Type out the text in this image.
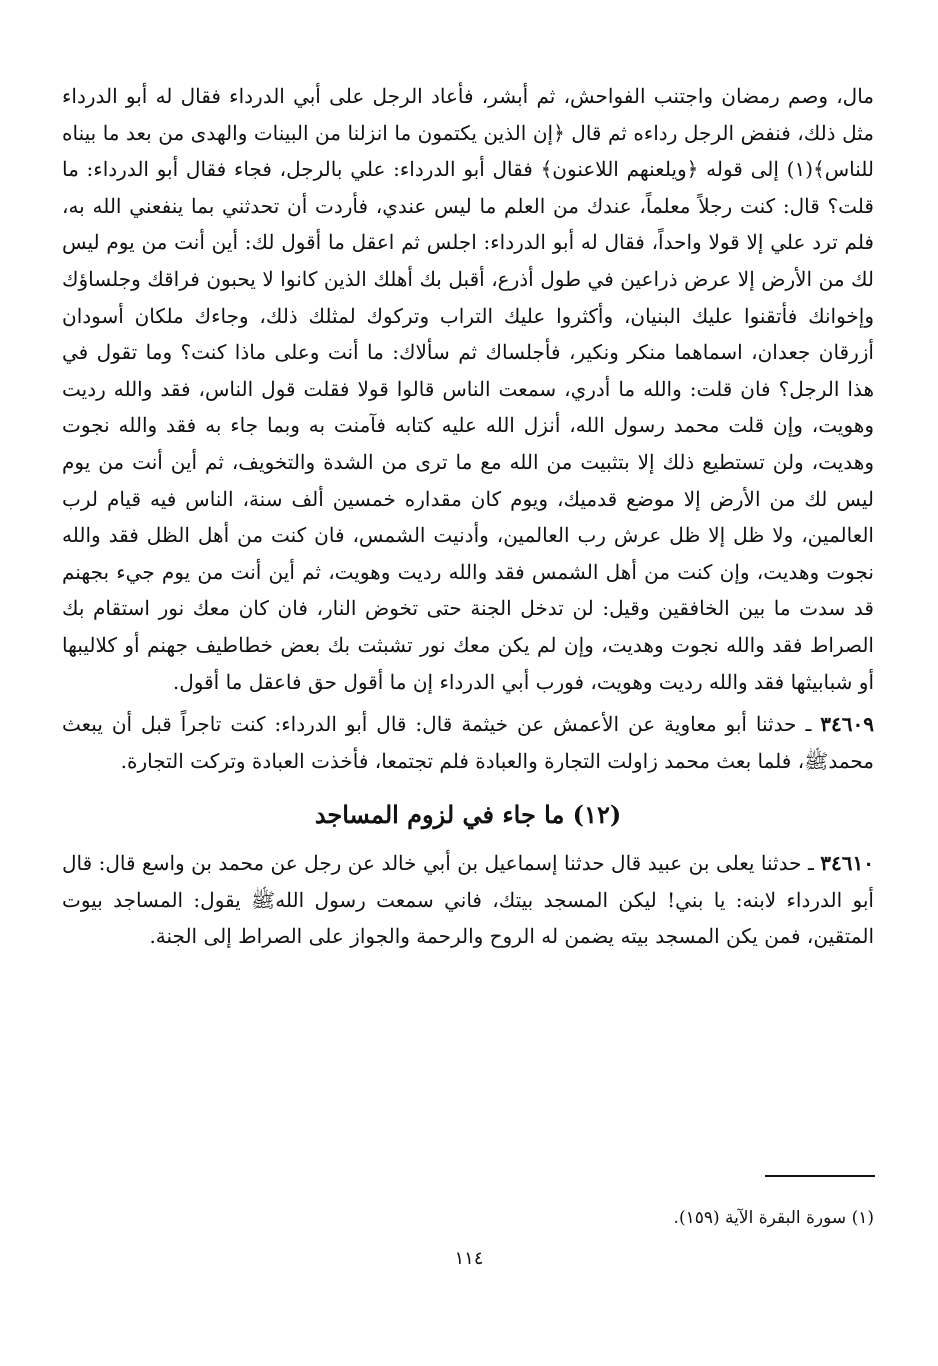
مال، وصم رمضان واجتنب الفواحش، ثم أبشر، فأعاد الرجل على أبي الدرداء فقال له أبو الدرداء مثل ذلك، فنفض الرجل رداءه ثم قال ﴿إن الذين يكتمون ما انزلنا من البينات والهدى من بعد ما بيناه للناس﴾(١) إلى قوله ﴿ويلعنهم اللاعنون﴾ فقال أبو الدرداء: علي بالرجل، فجاء فقال أبو الدرداء: ما قلت؟ قال: كنت رجلاً معلماً، عندك من العلم ما ليس عندي، فأردت أن تحدثني بما ينفعني الله به، فلم ترد علي إلا قولا واحداً، فقال له أبو الدرداء: اجلس ثم اعقل ما أقول لك: أين أنت من يوم ليس لك من الأرض إلا عرض ذراعين في طول أذرع، أقبل بك أهلك الذين كانوا لا يحبون فراقك وجلساؤك وإخوانك فأتقنوا عليك البنيان، وأكثروا عليك التراب وتركوك لمثلك ذلك، وجاءك ملكان أسودان أزرقان جعدان، اسماهما منكر ونكير، فأجلساك ثم سألاك: ما أنت وعلى ماذا كنت؟ وما تقول في هذا الرجل؟ فان قلت: والله ما أدري، سمعت الناس قالوا قولا فقلت قول الناس، فقد والله رديت وهويت، وإن قلت محمد رسول الله، أنزل الله عليه كتابه فآمنت به وبما جاء به فقد والله نجوت وهديت، ولن تستطيع ذلك إلا بتثبيت من الله مع ما ترى من الشدة والتخويف، ثم أين أنت من يوم ليس لك من الأرض إلا موضع قدميك، ويوم كان مقداره خمسين ألف سنة، الناس فيه قيام لرب العالمين، ولا ظل إلا ظل عرش رب العالمين، وأدنيت الشمس، فان كنت من أهل الظل فقد والله نجوت وهديت، وإن كنت من أهل الشمس فقد والله رديت وهويت، ثم أين أنت من يوم جيء بجهنم قد سدت ما بين الخافقين وقيل: لن تدخل الجنة حتى تخوض النار، فان كان معك نور استقام بك الصراط فقد والله نجوت وهديت، وإن لم يكن معك نور تشبثت بك بعض خطاطيف جهنم أو كلاليبها أو شبابيثها فقد والله رديت وهويت، فورب أبي الدرداء إن ما أقول حق فاعقل ما أقول.

٣٤٦٠٩ ـ حدثنا أبو معاوية عن الأعمش عن خيثمة قال: قال أبو الدرداء: كنت تاجراً قبل أن يبعث محمدﷺ، فلما بعث محمد زاولت التجارة والعبادة فلم تجتمعا، فأخذت العبادة وتركت التجارة.

(١٢) ما جاء في لزوم المساجد

٣٤٦١٠ ـ حدثنا يعلى بن عبيد قال حدثنا إسماعيل بن أبي خالد عن رجل عن محمد بن واسع قال: قال أبو الدرداء لابنه: يا بني! ليكن المسجد بيتك، فاني سمعت رسول اللهﷺ يقول: المساجد بيوت المتقين، فمن يكن المسجد بيته يضمن له الروح والرحمة والجواز على الصراط إلى الجنة.

(١) سورة البقرة الآية (١٥٩).
١١٤
